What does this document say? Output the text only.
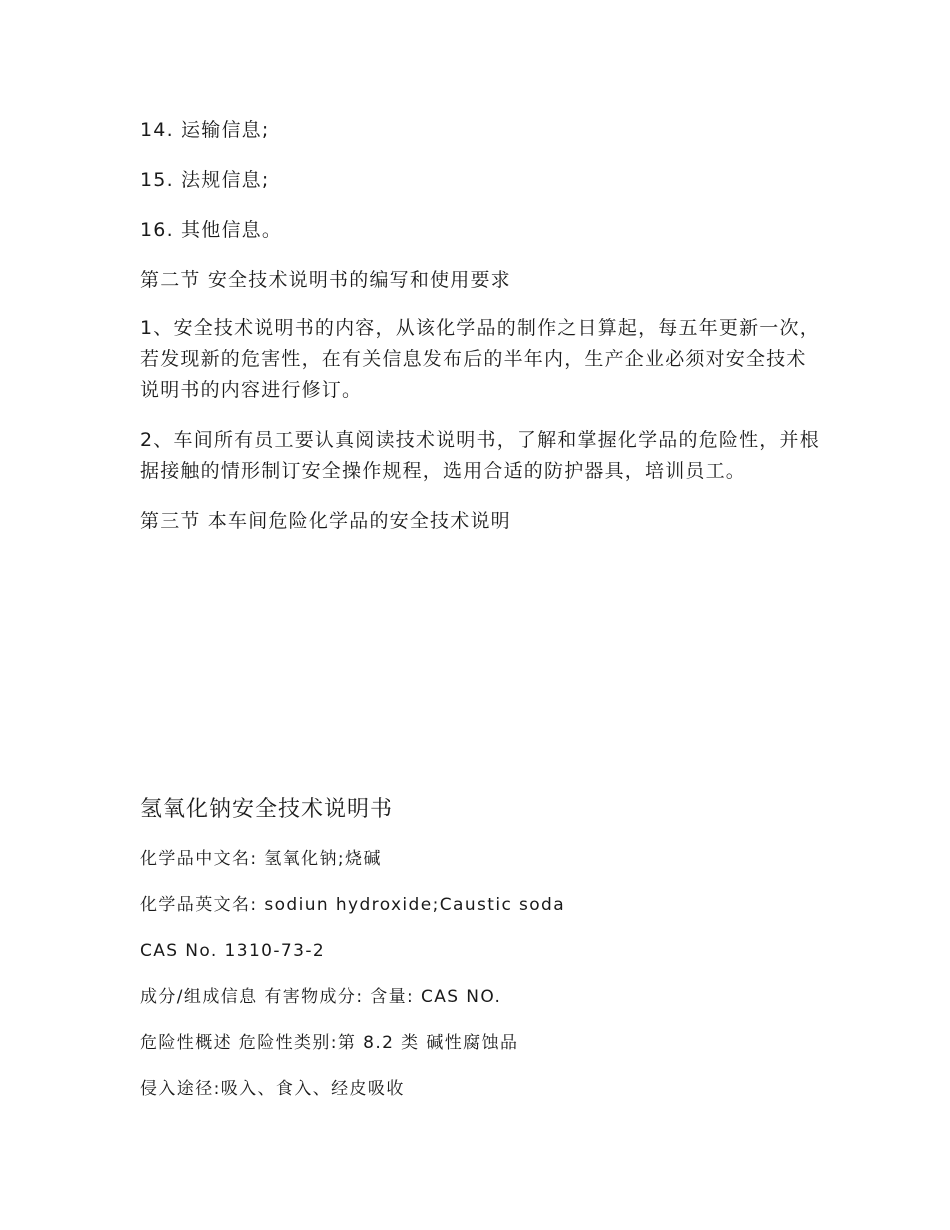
14. 运输信息;
15. 法规信息;
16. 其他信息。
第二节 安全技术说明书的编写和使用要求
1、安全技术说明书的内容，从该化学品的制作之日算起，每五年更新一次，若发现新的危害性，在有关信息发布后的半年内，生产企业必须对安全技术说明书的内容进行修订。
2、车间所有员工要认真阅读技术说明书，了解和掌握化学品的危险性，并根据接触的情形制订安全操作规程，选用合适的防护器具，培训员工。
第三节 本车间危险化学品的安全技术说明
氢氧化钠安全技术说明书
化学品中文名: 氢氧化钠;烧碱
化学品英文名: sodiun hydroxide;Caustic soda
CAS No. 1310-73-2
成分/组成信息 有害物成分: 含量: CAS NO.
危险性概述 危险性类别:第 8.2 类 碱性腐蚀品
侵入途径:吸入、食入、经皮吸收
